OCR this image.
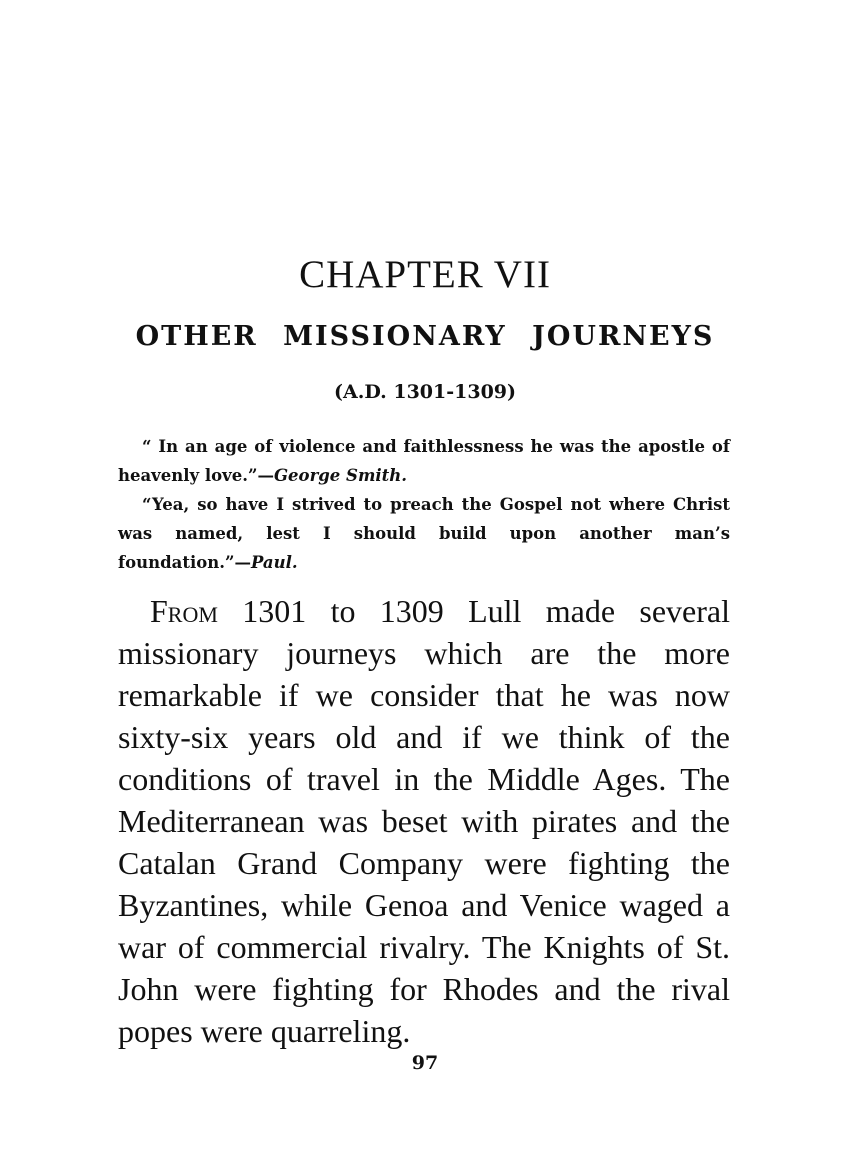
CHAPTER VII
OTHER MISSIONARY JOURNEYS
(A.D. 1301-1309)

“ In an age of violence and faithlessness he was the apostle of heavenly love.”—George Smith.

“Yea, so have I strived to preach the Gospel not where Christ was named, lest I should build upon another man’s foundation.”—Paul.

From 1301 to 1309 Lull made several missionary journeys which are the more remarkable if we consider that he was now sixty-six years old and if we think of the conditions of travel in the Middle Ages. The Mediterranean was beset with pirates and the Catalan Grand Company were fighting the Byzantines, while Genoa and Venice waged a war of commercial rivalry. The Knights of St. John were fighting for Rhodes and the rival popes were quarreling.

97
